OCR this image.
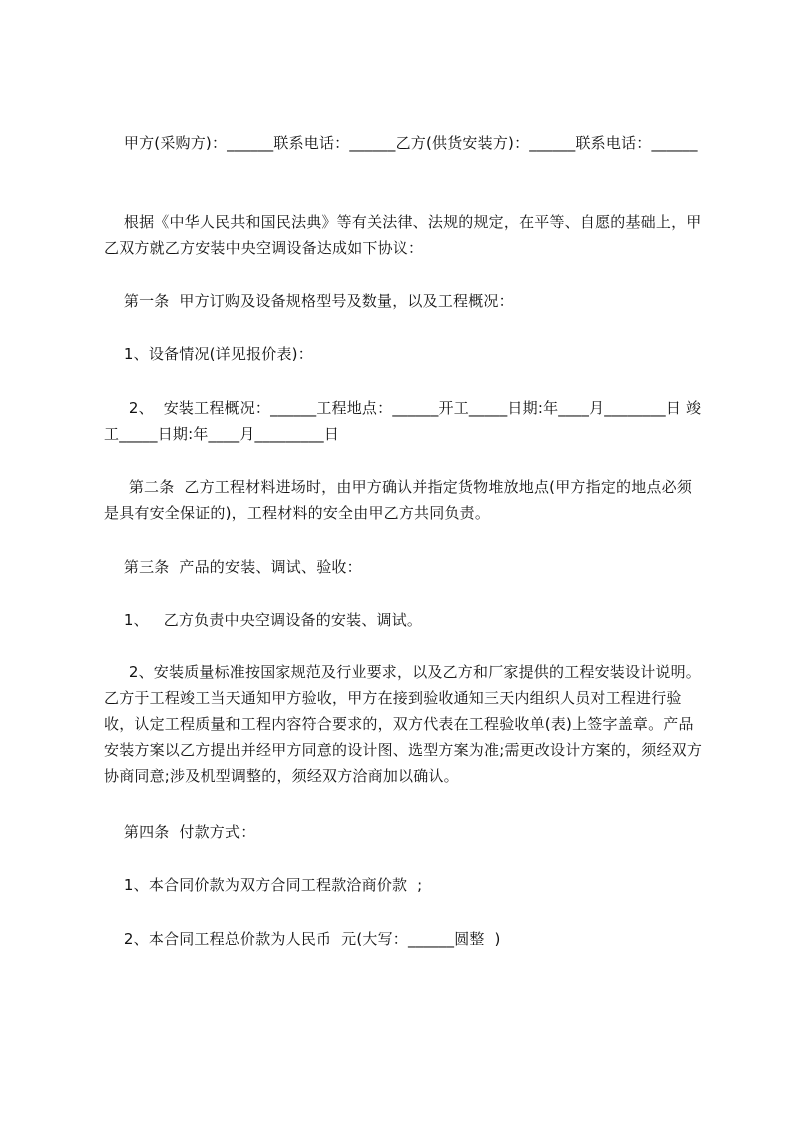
甲方(采购方)：______联系电话：______乙方(供货安装方)：______联系电话：______

根据《中华人民共和国民法典》等有关法律、法规的规定，在平等、自愿的基础上，甲乙双方就乙方安装中央空调设备达成如下协议：

第一条  甲方订购及设备规格型号及数量，以及工程概况：

1、设备情况(详见报价表)：

2、  安装工程概况：______工程地点：______开工_____日期:年____月________日 竣工_____日期:年____月_________日

第二条  乙方工程材料进场时，由甲方确认并指定货物堆放地点(甲方指定的地点必须是具有安全保证的)，工程材料的安全由甲乙方共同负责。

第三条  产品的安装、调试、验收：

1、   乙方负责中央空调设备的安装、调试。

2、安装质量标准按国家规范及行业要求，以及乙方和厂家提供的工程安装设计说明。乙方于工程竣工当天通知甲方验收，甲方在接到验收通知三天内组织人员对工程进行验收，认定工程质量和工程内容符合要求的，双方代表在工程验收单(表)上签字盖章。产品安装方案以乙方提出并经甲方同意的设计图、选型方案为准;需更改设计方案的，须经双方协商同意;涉及机型调整的，须经双方洽商加以确认。

第四条  付款方式：

1、本合同价款为双方合同工程款洽商价款  ;

2、本合同工程总价款为人民币  元(大写：______圆整  )
